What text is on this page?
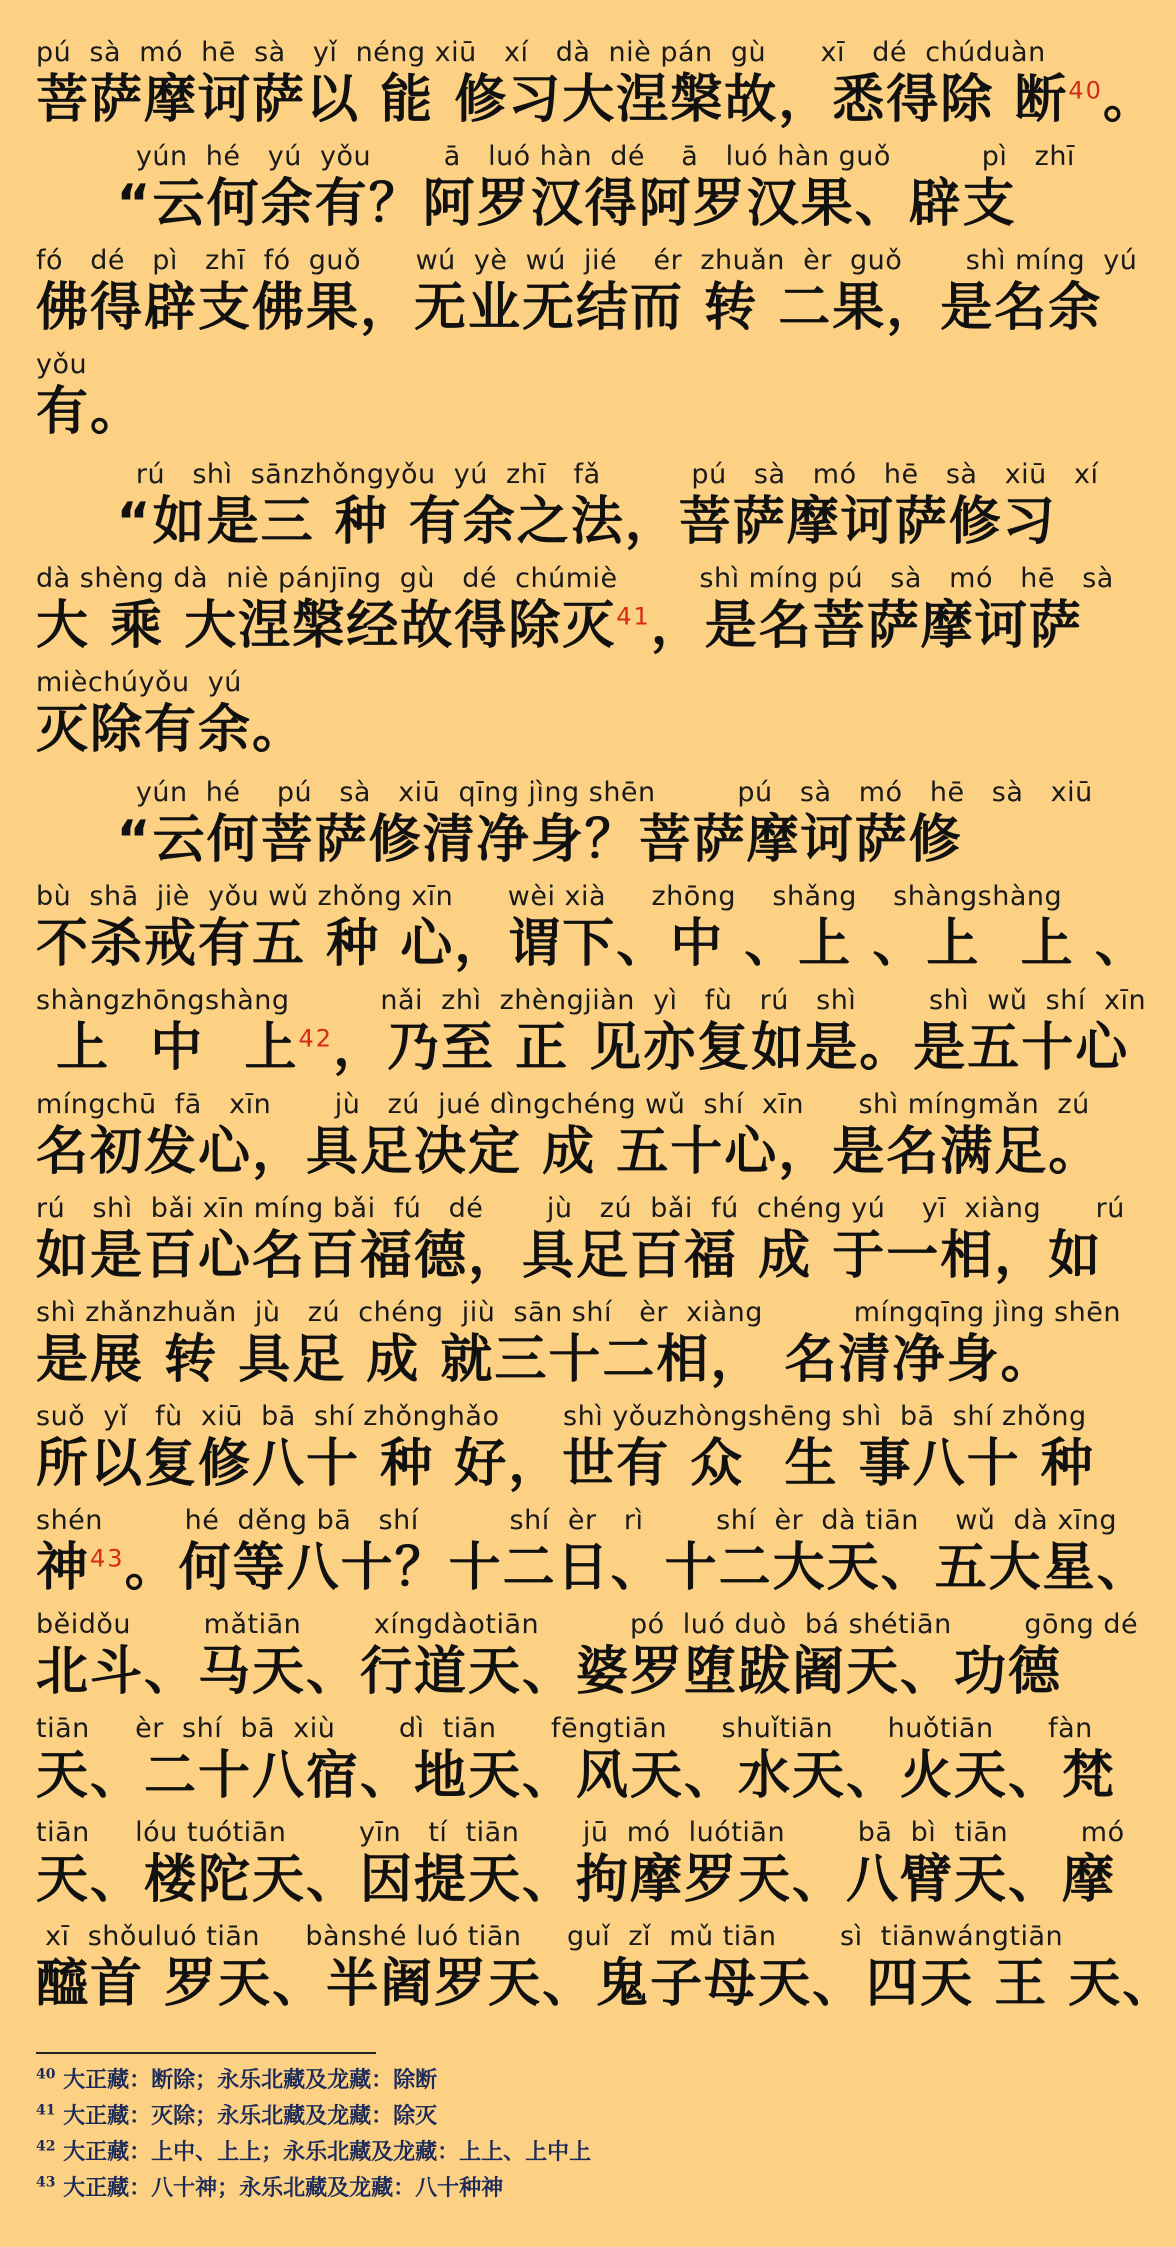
pú  sà  mó  hē  sà   yǐ  néng xiū   xí   dà  niè pán  gù      xī   dé  chúduàn
菩萨摩诃萨以 能 修习大涅槃故，悉得除 断$^{40}$。
yún  hé   yú  yǒu        ā   luó hàn  dé    ā   luó hàn guǒ          pì   zhī
“云何余有？阿罗汉得阿罗汉果、辟支
fó   dé   pì   zhī  fó  guǒ      wú  yè  wú  jié    ér  zhuǎn  èr  guǒ       shì míng  yú
佛得辟支佛果，无业无结而 转 二果，是名余
yǒu
有。
rú   shì  sānzhǒngyǒu  yú  zhī   fǎ          pú   sà   mó   hē   sà   xiū   xí
“如是三 种 有余之法，菩萨摩诃萨修习
dà shèng dà  niè pánjīng  gù   dé  chúmiè         shì míng pú   sà   mó   hē   sà
大 乘 大涅槃经故得除灭$^{41}$，是名菩萨摩诃萨
mièchúyǒu  yú
灭除有余。
yún  hé    pú   sà   xiū  qīng jìng shēn         pú   sà   mó   hē   sà   xiū
“云何菩萨修清净身？菩萨摩诃萨修
bù  shā  jiè  yǒu wǔ zhǒng xīn      wèi xià     zhōng    shǎng    shàngshàng
不杀戒有五 种 心，谓下、中 、上 、上  上 、
shàngzhōngshàng          nǎi  zhì  zhèngjiàn  yì   fù   rú   shì        shì  wǔ  shí  xīn
上  中  上$^{42}$，乃至 正 见亦复如是。是五十心
míngchū  fā   xīn       jù   zú  jué dìngchéng wǔ  shí  xīn      shì míngmǎn  zú
名初发心，具足决定 成 五十心，是名满足。
rú   shì  bǎi xīn míng bǎi  fú   dé       jù   zú  bǎi  fú  chéng yú    yī  xiàng      rú
如是百心名百福德，具足百福 成 于一相，如
shì zhǎnzhuǎn  jù   zú  chéng  jiù  sān shí   èr  xiàng          míngqīng jìng shēn
是展 转 具足 成 就三十二相， 名清净身。
suǒ  yǐ   fù  xiū  bā  shí zhǒnghǎo       shì yǒuzhòngshēng shì  bā  shí zhǒng
所以复修八十 种 好，世有 众  生 事八十 种
shén         hé  děng bā   shí          shí  èr   rì        shí  èr  dà tiān    wǔ  dà xīng
神$^{43}$。何等八十？十二日、十二大天、五大星、
běidǒu        mǎtiān        xíngdàotiān          pó  luó duò  bá shétiān        gōng dé
北斗、马天、行道天、婆罗堕跋阇天、功德
tiān     èr  shí  bā  xiù       dì  tiān      fēngtiān      shuǐtiān      huǒtiān      fàn
天、二十八宿、地天、风天、水天、火天、梵
tiān     lóu tuótiān        yīn   tí  tiān       jū  mó  luótiān        bā  bì  tiān        mó
天、楼陀天、因提天、拘摩罗天、八臂天、摩
xī  shǒuluó tiān     bànshé luó tiān     guǐ  zǐ  mǔ tiān       sì  tiānwángtiān
醯首 罗天、半阇罗天、鬼子母天、四天 王 天、
$^{40}$ 大正藏：断除；永乐北藏及龙藏：除断
$^{41}$ 大正藏：灭除；永乐北藏及龙藏：除灭
$^{42}$ 大正藏：上中、上上；永乐北藏及龙藏：上上、上中上
$^{43}$ 大正藏：八十神；永乐北藏及龙藏：八十种神
